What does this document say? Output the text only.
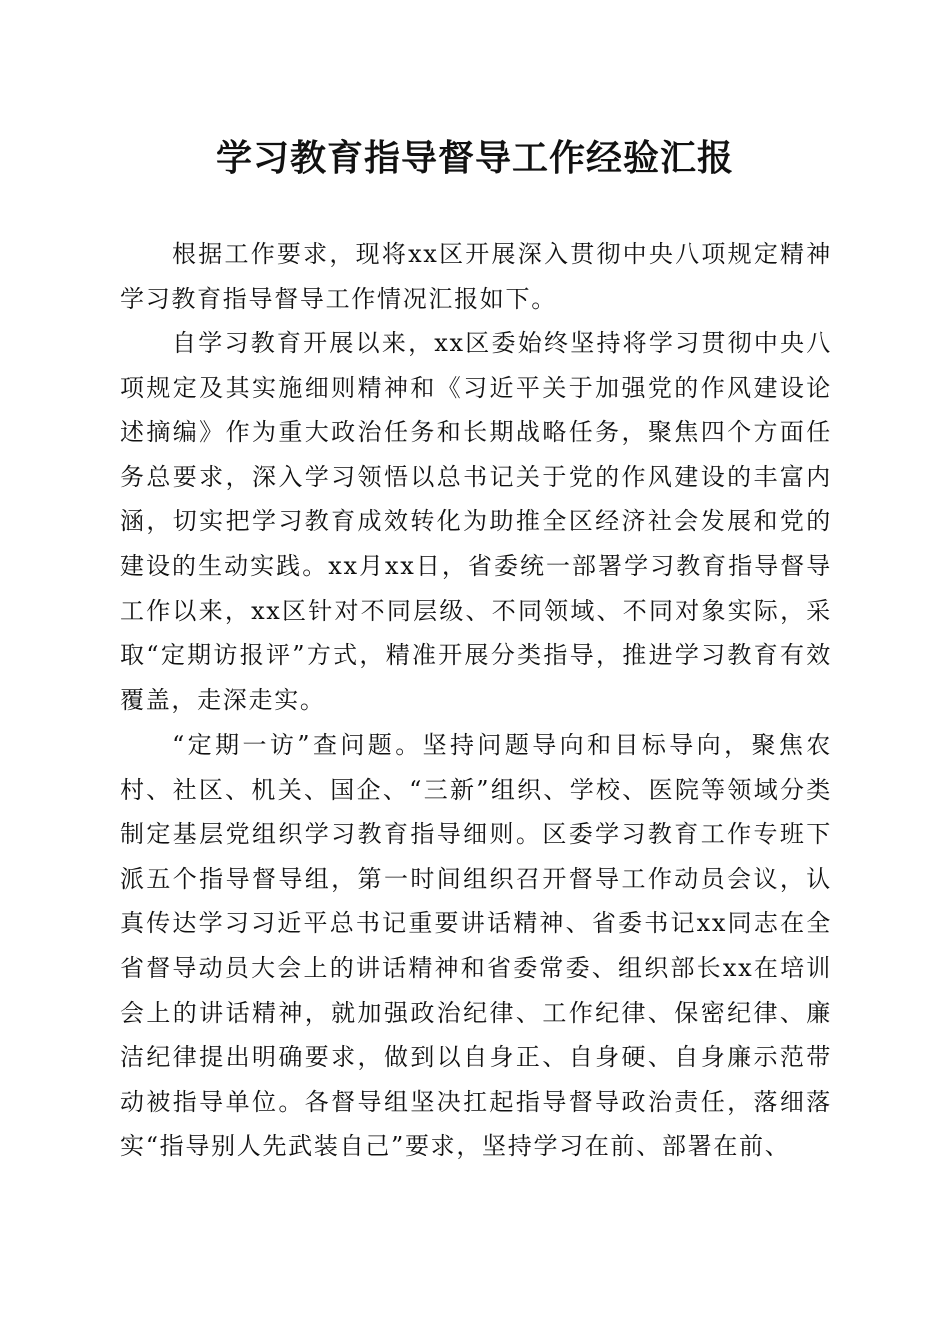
学习教育指导督导工作经验汇报

根据工作要求，现将xx区开展深入贯彻中央八项规定精神学习教育指导督导工作情况汇报如下。

自学习教育开展以来，xx区委始终坚持将学习贯彻中央八项规定及其实施细则精神和《习近平关于加强党的作风建设论述摘编》作为重大政治任务和长期战略任务，聚焦四个方面任务总要求，深入学习领悟以总书记关于党的作风建设的丰富内涵，切实把学习教育成效转化为助推全区经济社会发展和党的建设的生动实践。xx月xx日，省委统一部署学习教育指导督导工作以来，xx区针对不同层级、不同领域、不同对象实际，采取“定期访报评”方式，精准开展分类指导，推进学习教育有效覆盖，走深走实。

“定期一访”查问题。坚持问题导向和目标导向，聚焦农村、社区、机关、国企、“三新”组织、学校、医院等领域分类制定基层党组织学习教育指导细则。区委学习教育工作专班下派五个指导督导组，第一时间组织召开督导工作动员会议，认真传达学习习近平总书记重要讲话精神、省委书记xx同志在全省督导动员大会上的讲话精神和省委常委、组织部长xx在培训会上的讲话精神，就加强政治纪律、工作纪律、保密纪律、廉洁纪律提出明确要求，做到以自身正、自身硬、自身廉示范带动被指导单位。各督导组坚决扛起指导督导政治责任，落细落实“指导别人先武装自己”要求，坚持学习在前、部署在前、
